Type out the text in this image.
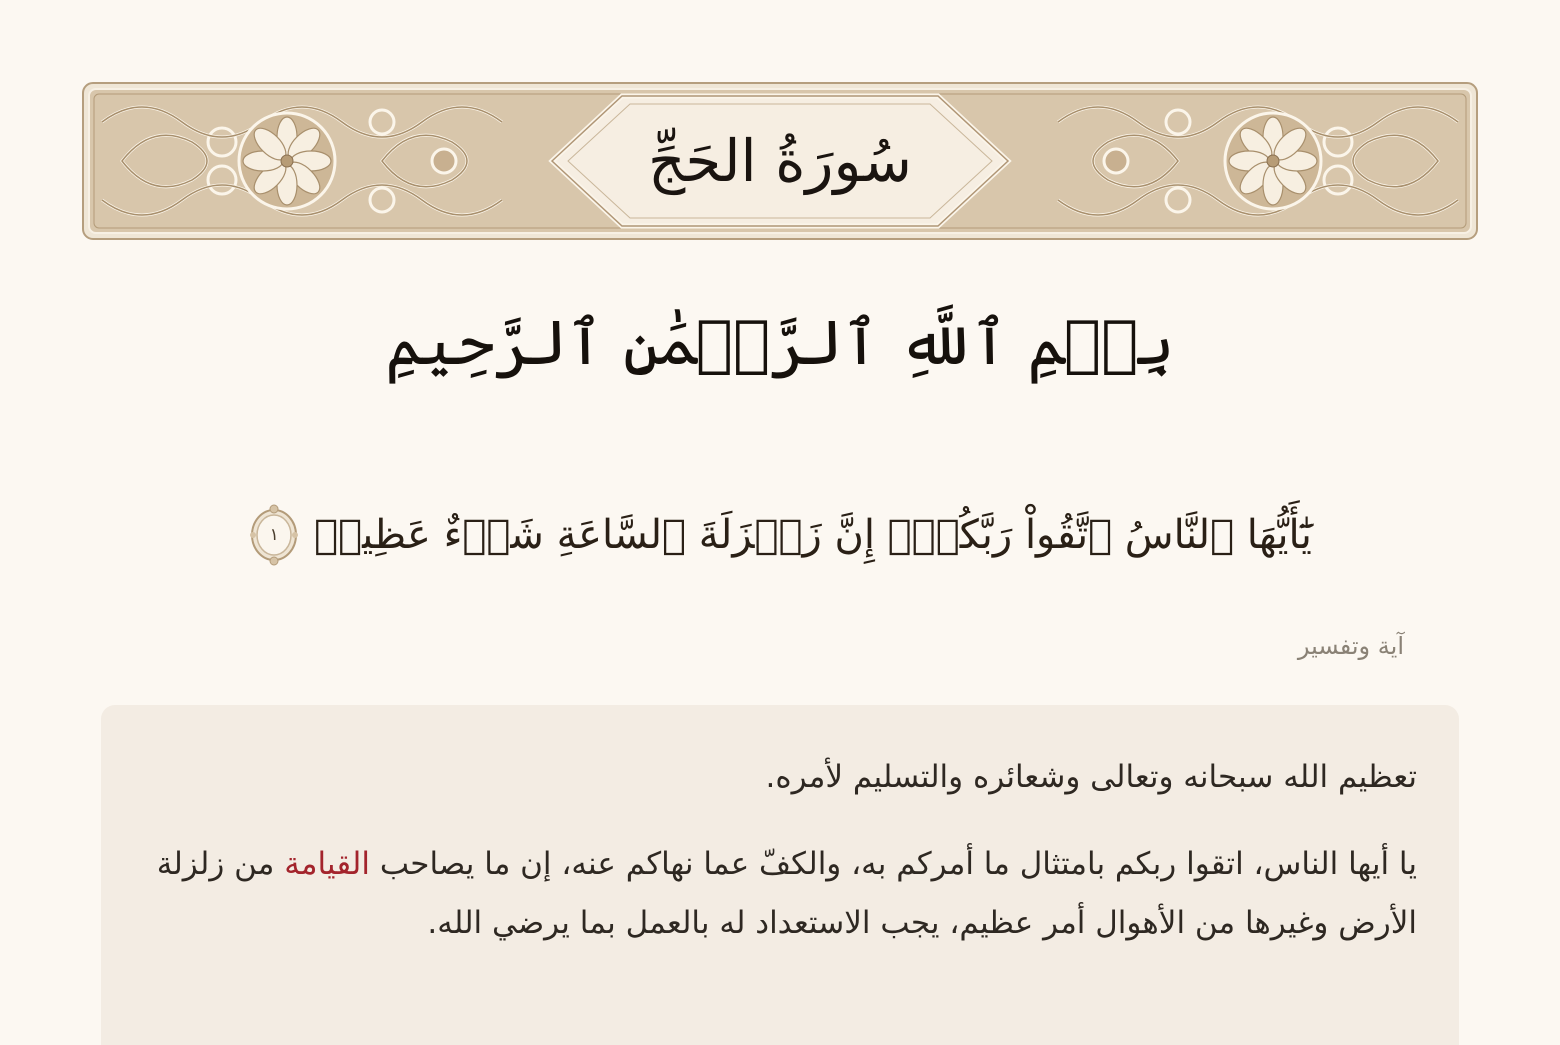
سُورَةُ الحَجِّ
بِسۡمِ ٱللَّهِ ٱلرَّحۡمَٰنِ ٱلرَّحِيمِ
يَٰٓأَيُّهَا ٱلنَّاسُ ٱتَّقُواْ رَبَّكُمۡۚ إِنَّ زَلۡزَلَةَ ٱلسَّاعَةِ شَيۡءٌ عَظِيمٞ
١
آية وتفسير
تعظيم الله سبحانه وتعالى وشعائره والتسليم لأمره.
يا أيها الناس، اتقوا ربكم بامتثال ما أمركم به، والكفّ عما نهاكم عنه، إن ما يصاحب القيامة من زلزلة الأرض وغيرها من الأهوال أمر عظيم، يجب الاستعداد له بالعمل بما يرضي الله.
